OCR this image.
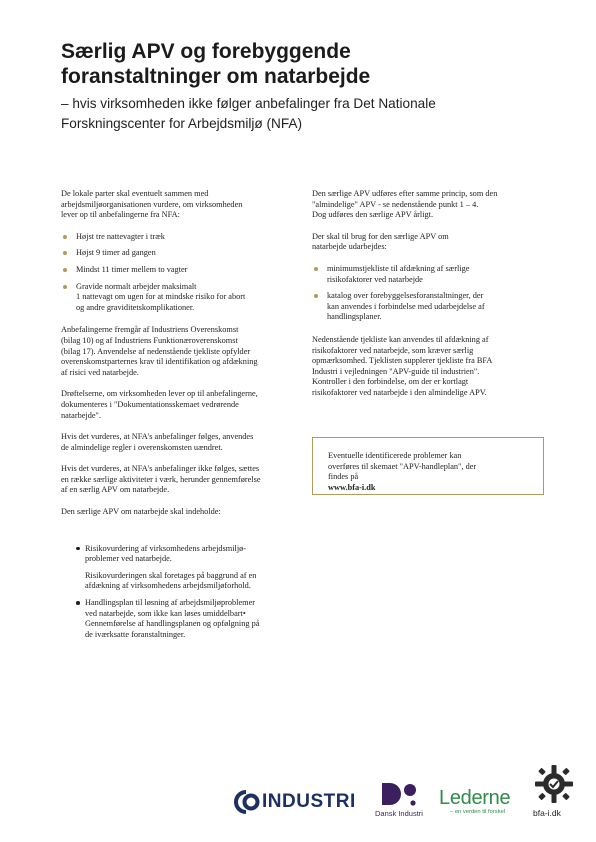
Særlig APV og forebyggende
foranstaltninger om natarbejde

– hvis virksomheden ikke følger anbefalinger fra Det Nationale
Forskningscenter for Arbejdsmiljø (NFA)

De lokale parter skal eventuelt sammen med
arbejdsmiljøorganisationen vurdere, om virksomheden
lever op til anbefalingerne fra NFA:

Højst tre nattevagter i træk
Højst 9 timer ad gangen
Mindst 11 timer mellem to vagter
Gravide normalt arbejder maksimalt
1 nattevagt om ugen for at mindske risiko for abort
og andre graviditetskomplikationer.

Anbefalingerne fremgår af Industriens Overenskomst
(bilag 10) og af Industriens Funktionæroverenskomst
(bilag 17). Anvendelse af nedenstående tjekliste opfylder
overenskomstparternes krav til identifikation og afdækning
af risici ved natarbejde.

Drøftelserne, om virksomheden lever op til anbefalingerne,
dokumenteres i "Dokumentationsskemaet vedrørende
natarbejde".

Hvis det vurderes, at NFA's anbefalinger følges, anvendes
de almindelige regler i overenskomsten uændret.

Hvis det vurderes, at NFA's anbefalinger ikke følges, sættes
en række særlige aktiviteter i værk, herunder gennemførelse
af en særlig APV om natarbejde.

Den særlige APV om natarbejde skal indeholde:

Risikovurdering af virksomhedens arbejdsmiljø-
problemer ved natarbejde.
Risikovurderingen skal foretages på baggrund af en
afdækning af virksomhedens arbejdsmiljøforhold.
Handlingsplan til løsning af arbejdsmiljøproblemer
ved natarbejde, som ikke kan løses umiddelbart•
Gennemførelse af handlingsplanen og opfølgning på
de iværksatte foranstaltninger.

Den særlige APV udføres efter samme princip, som den
"almindelige" APV - se nedenstående punkt 1 – 4.
Dog udføres den særlige APV årligt.

Der skal til brug for den særlige APV om
natarbejde udarbejdes:

minimumstjekliste til afdækning af særlige
risikofaktorer ved natarbejde
katalog over forebyggelsesforanstaltninger, der
kan anvendes i forbindelse med udarbejdelse af
handlingsplaner.

Nedenstående tjekliste kan anvendes til afdækning af
risikofaktorer ved natarbejde, som kræver særlig
opmærksomhed. Tjeklisten supplerer tjekliste fra BFA
Industri i vejledningen "APV-guide til industrien".
Kontroller i den forbindelse, om der er kortlagt
risikofaktorer ved natarbejde i den almindelige APV.

Eventuelle identificerede problemer kan
overføres til skemaet "APV-handleplan", der
findes på
www.bfa-i.dk
INDUSTRI
Dansk Industri
Lederne
– en verden til forskel	bfa-i.dk
